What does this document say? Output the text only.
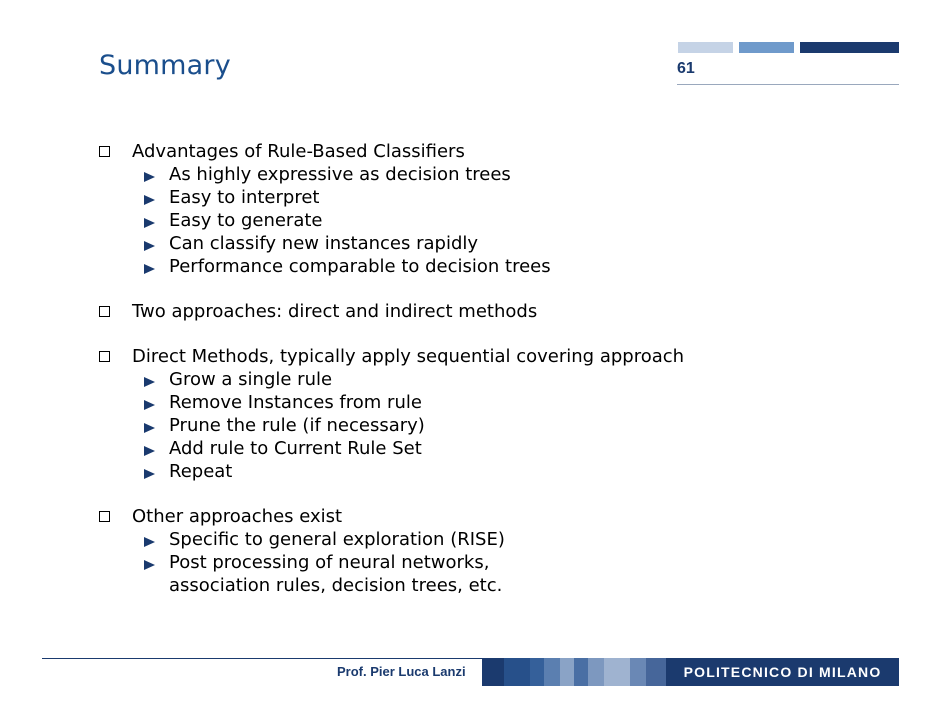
Summary	61
Advantages of Rule-Based Classifiers
As highly expressive as decision trees
Easy to interpret
Easy to generate
Can classify new instances rapidly
Performance comparable to decision trees
Two approaches: direct and indirect methods
Direct Methods, typically apply sequential covering approach
Grow a single rule
Remove Instances from rule
Prune the rule (if necessary)
Add rule to Current Rule Set
Repeat
Other approaches exist
Specific to general exploration (RISE)
Post processing of neural networks,
association rules, decision trees, etc.
Prof. Pier Luca Lanzi	POLITECNICO DI MILANO
